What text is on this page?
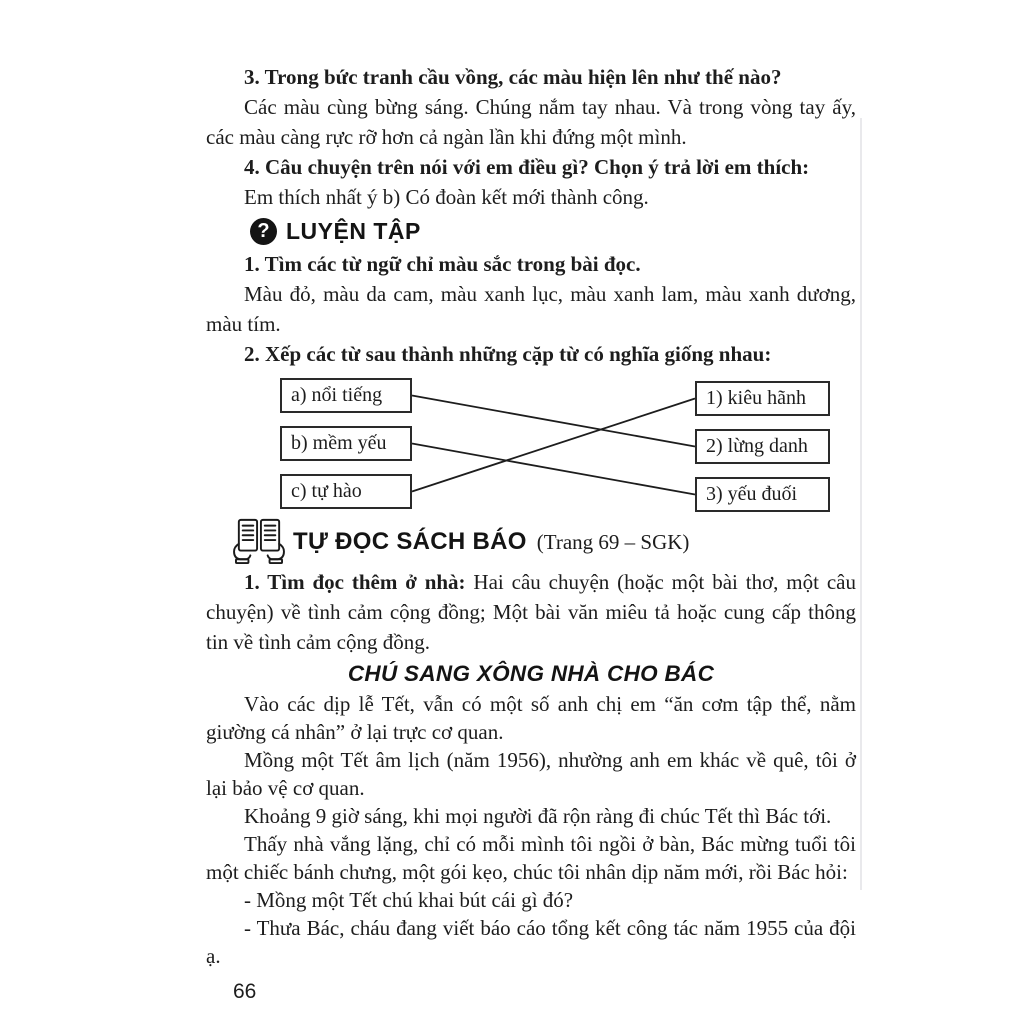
3. Trong bức tranh cầu vồng, các màu hiện lên như thế nào?

Các màu cùng bừng sáng. Chúng nắm tay nhau. Và trong vòng tay ấy, các màu càng rực rỡ hơn cả ngàn lần khi đứng một mình.

4. Câu chuyện trên nói với em điều gì? Chọn ý trả lời em thích:

Em thích nhất ý b) Có đoàn kết mới thành công.

?
LUYỆN TẬP

1. Tìm các từ ngữ chỉ màu sắc trong bài đọc.

Màu đỏ, màu da cam, màu xanh lục, màu xanh lam, màu xanh dương, màu tím.

2. Xếp các từ sau thành những cặp từ có nghĩa giống nhau:

a) nổi tiếng
b) mềm yếu
c) tự hào
1) kiêu hãnh
2) lừng danh
3) yếu đuối
TỰ ĐỌC SÁCH BÁO (Trang 69 – SGK)

1. Tìm đọc thêm ở nhà: Hai câu chuyện (hoặc một bài thơ, một câu chuyện) về tình cảm cộng đồng; Một bài văn miêu tả hoặc cung cấp thông tin về tình cảm cộng đồng.

CHÚ SANG XÔNG NHÀ CHO BÁC

Vào các dịp lễ Tết, vẫn có một số anh chị em “ăn cơm tập thể, nằm giường cá nhân” ở lại trực cơ quan.

Mồng một Tết âm lịch (năm 1956), nhường anh em khác về quê, tôi ở lại bảo vệ cơ quan.

Khoảng 9 giờ sáng, khi mọi người đã rộn ràng đi chúc Tết thì Bác tới.

Thấy nhà vắng lặng, chỉ có mỗi mình tôi ngồi ở bàn, Bác mừng tuổi tôi một chiếc bánh chưng, một gói kẹo, chúc tôi nhân dịp năm mới, rồi Bác hỏi:

- Mồng một Tết chú khai bút cái gì đó?

- Thưa Bác, cháu đang viết báo cáo tổng kết công tác năm 1955 của đội ạ.

66
